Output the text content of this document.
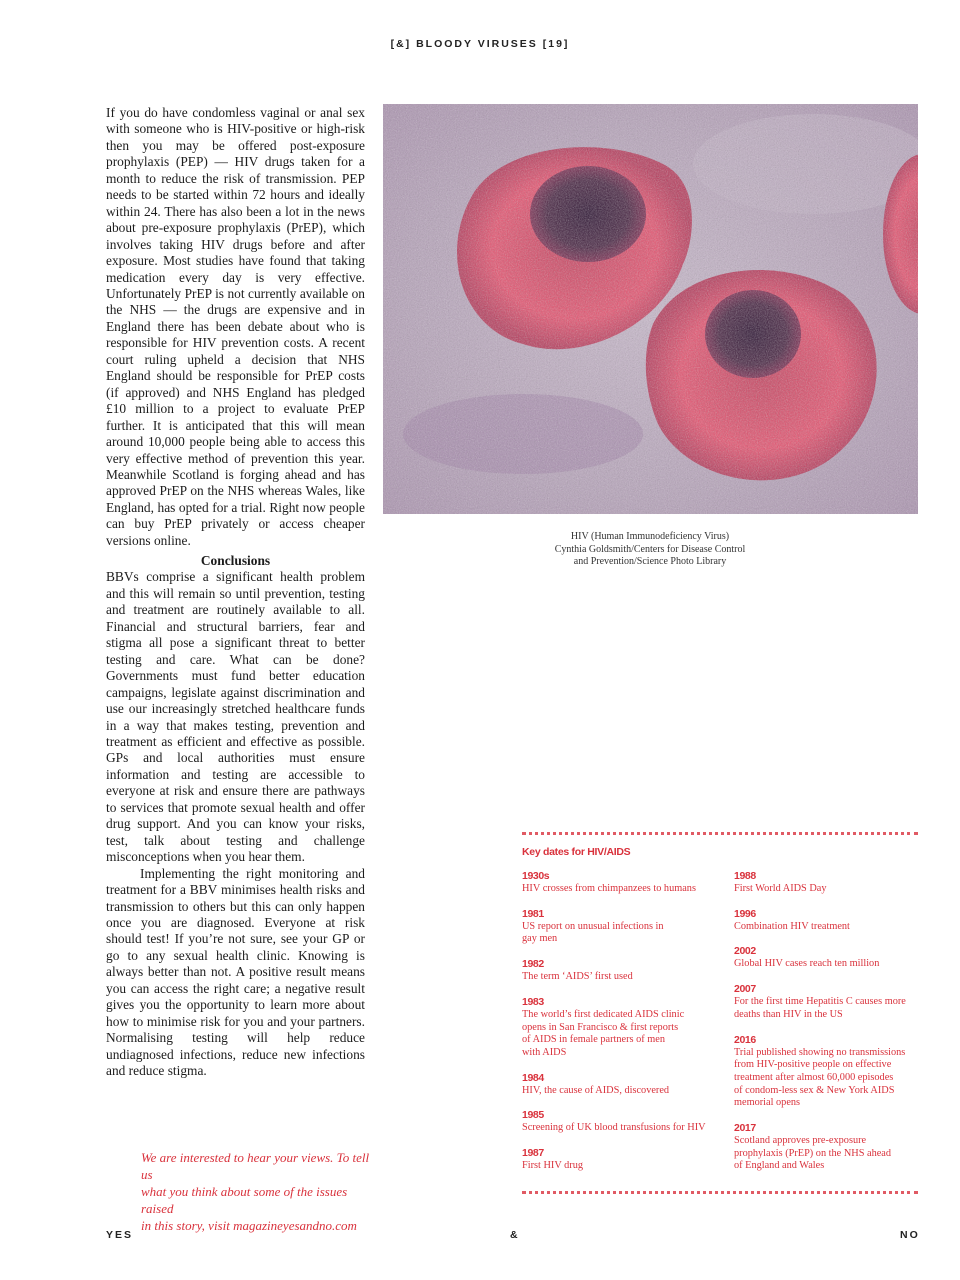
[&] BLOODY VIRUSES [19]

If you do have condomless vaginal or anal sex with someone who is HIV-positive or high-risk then you may be offered post-exposure prophylaxis (PEP) — HIV drugs taken for a month to reduce the risk of transmission. PEP needs to be started within 72 hours and ideally within 24. There has also been a lot in the news about pre-exposure prophylaxis (PrEP), which involves taking HIV drugs before and after exposure. Most studies have found that taking medication every day is very effective. Unfortunately PrEP is not currently available on the NHS — the drugs are expensive and in England there has been debate about who is responsible for HIV prevention costs. A recent court ruling upheld a decision that NHS England should be responsible for PrEP costs (if approved) and NHS England has pledged £10 million to a project to evaluate PrEP further. It is anticipated that this will mean around 10,000 people being able to access this very effective method of prevention this year. Meanwhile Scotland is forging ahead and has approved PrEP on the NHS whereas Wales, like England, has opted for a trial. Right now people can buy PrEP privately or access cheaper versions online.

Conclusions

BBVs comprise a significant health problem and this will remain so until prevention, testing and treatment are routinely available to all. Financial and structural barriers, fear and stigma all pose a significant threat to better testing and care. What can be done? Governments must fund better education campaigns, legislate against discrimination and use our increasingly stretched healthcare funds in a way that makes testing, prevention and treatment as efficient and effective as possible. GPs and local authorities must ensure information and testing are accessible to everyone at risk and ensure there are pathways to services that promote sexual health and offer drug support. And you can know your risks, test, talk about testing and challenge misconceptions when you hear them.

Implementing the right monitoring and treatment for a BBV minimises health risks and transmission to others but this can only happen once you are diagnosed. Everyone at risk should test! If you’re not sure, see your GP or go to any sexual health clinic. Knowing is always better than not. A positive result means you can access the right care; a negative result gives you the opportunity to learn more about how to minimise risk for you and your partners. Normalising testing will help reduce undiagnosed infections, reduce new infections and reduce stigma.

HIV (Human Immunodeficiency Virus)

Cynthia Goldsmith/Centers for Disease Control

and Prevention/Science Photo Library

Key dates for HIV/AIDS
1930s
HIV crosses from chimpanzees to humans
1981
US report on unusual infections in
gay men
1982
The term ‘AIDS’ first used
1983
The world’s first dedicated AIDS clinic
opens in San Francisco & first reports
of AIDS in female partners of men
with AIDS
1984
HIV, the cause of AIDS, discovered
1985
Screening of UK blood transfusions for HIV
1987
First HIV drug
1988
First World AIDS Day
1996
Combination HIV treatment
2002
Global HIV cases reach ten million
2007
For the first time Hepatitis C causes more
deaths than HIV in the US
2016
Trial published showing no transmissions
from HIV-positive people on effective
treatment after almost 60,000 episodes
of condom-less sex & New York AIDS
memorial opens
2017
Scotland approves pre-exposure
prophylaxis (PrEP) on the NHS ahead
of England and Wales

We are interested to hear your views. To tell us

what you think about some of the issues raised

in this story, visit magazineyesandno.com

YES	&	NO
